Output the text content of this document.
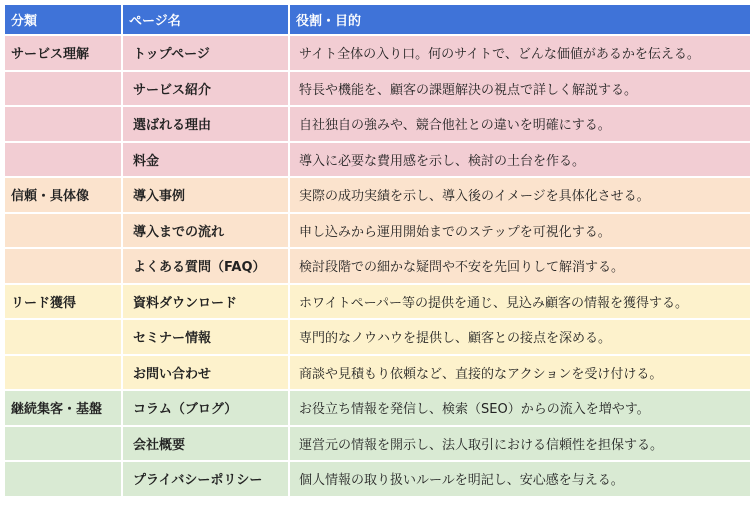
分類	ページ名	役割・目的
サービス理解	トップページ	サイト全体の入り口。何のサイトで、どんな価値があるかを伝える。
	サービス紹介	特長や機能を、顧客の課題解決の視点で詳しく解説する。
	選ばれる理由	自社独自の強みや、競合他社との違いを明確にする。
	料金	導入に必要な費用感を示し、検討の土台を作る。
信頼・具体像	導入事例	実際の成功実績を示し、導入後のイメージを具体化させる。
	導入までの流れ	申し込みから運用開始までのステップを可視化する。
	よくある質問（FAQ）	検討段階での細かな疑問や不安を先回りして解消する。
リード獲得	資料ダウンロード	ホワイトペーパー等の提供を通じ、見込み顧客の情報を獲得する。
	セミナー情報	専門的なノウハウを提供し、顧客との接点を深める。
	お問い合わせ	商談や見積もり依頼など、直接的なアクションを受け付ける。
継続集客・基盤	コラム（ブログ）	お役立ち情報を発信し、検索（SEO）からの流入を増やす。
	会社概要	運営元の情報を開示し、法人取引における信頼性を担保する。
	プライバシーポリシー	個人情報の取り扱いルールを明記し、安心感を与える。
